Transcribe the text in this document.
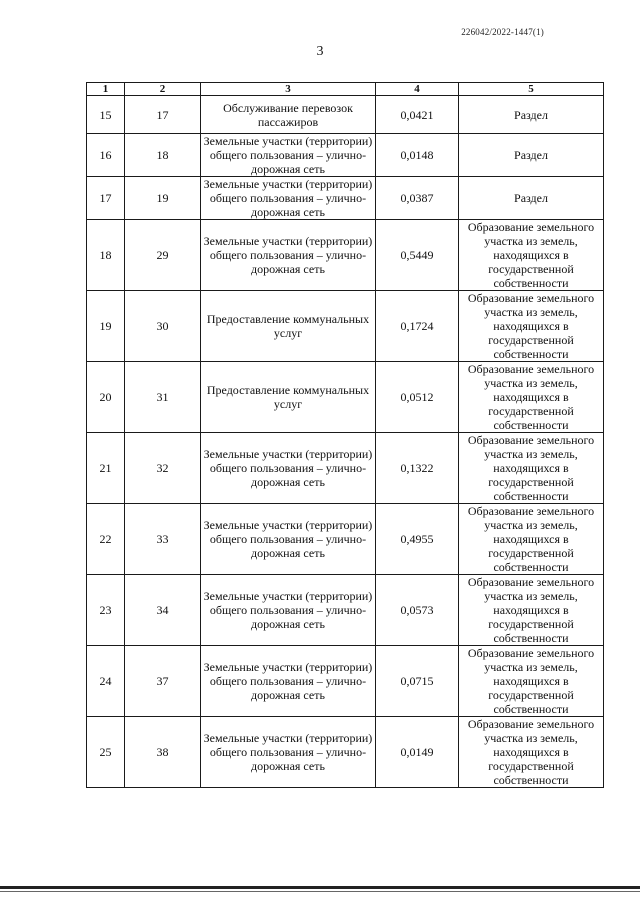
226042/2022-1447(1)
3
1	2	3	4	5
15	17	Обслуживание перевозок пассажиров	0,0421	Раздел
16	18	Земельные участки (территории) общего пользования – улично-дорожная сеть	0,0148	Раздел
17	19	Земельные участки (территории) общего пользования – улично-дорожная сеть	0,0387	Раздел
18	29	Земельные участки (территории) общего пользования – улично-дорожная сеть	0,5449	Образование земельного участка из земель, находящихся в государственной собственности
19	30	Предоставление коммунальных услуг	0,1724	Образование земельного участка из земель, находящихся в государственной собственности
20	31	Предоставление коммунальных услуг	0,0512	Образование земельного участка из земель, находящихся в государственной собственности
21	32	Земельные участки (территории) общего пользования – улично-дорожная сеть	0,1322	Образование земельного участка из земель, находящихся в государственной собственности
22	33	Земельные участки (территории) общего пользования – улично-дорожная сеть	0,4955	Образование земельного участка из земель, находящихся в государственной собственности
23	34	Земельные участки (территории) общего пользования – улично-дорожная сеть	0,0573	Образование земельного участка из земель, находящихся в государственной собственности
24	37	Земельные участки (территории) общего пользования – улично-дорожная сеть	0,0715	Образование земельного участка из земель, находящихся в государственной собственности
25	38	Земельные участки (территории) общего пользования – улично-дорожная сеть	0,0149	Образование земельного участка из земель, находящихся в государственной собственности
